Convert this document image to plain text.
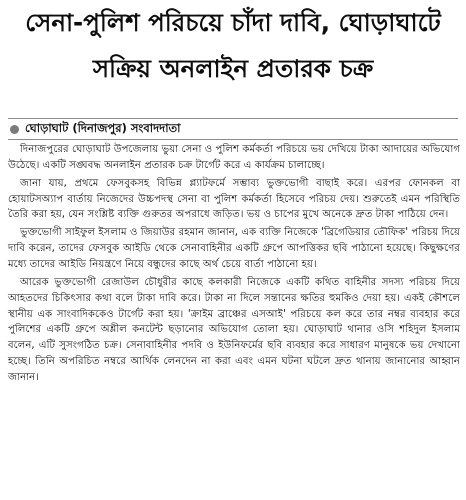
সেনা-পুলিশ পরিচয়ে চাঁদা দাবি, ঘোড়াঘাটে
সক্রিয় অনলাইন প্রতারক চক্র
ঘোড়াঘাট (দিনাজপুর) সংবাদদাতা

দিনাজপুরের ঘোড়াঘাট উপজেলায় ভুয়া সেনা ও পুলিশ কর্মকর্তা পরিচয়ে ভয় দেখিয়ে টাকা আদায়ের অভিযোগ উঠেছে। একটি সঙ্ঘবদ্ধ অনলাইন প্রতারক চক্র টার্গেট করে এ কার্যক্রম চালাচ্ছে।

জানা যায়, প্রথমে ফেসবুকসহ বিভিন্ন প্ল্যাটফর্মে সম্ভাব্য ভুক্তভোগী বাছাই করে। এরপর ফোনকল বা হোয়াটসঅ্যাপ বার্তায় নিজেদের উচ্চপদস্থ সেনা বা পুলিশ কর্মকর্তা হিসেবে পরিচয় দেয়। শুরুতেই এমন পরিস্থিতি তৈরি করা হয়, যেন সংশ্লিষ্ট ব্যক্তি গুরুতর অপরাধে জড়িত। ভয় ও চাপের মুখে অনেকে দ্রুত টাকা পাঠিয়ে দেন।

ভুক্তভোগী সাইফুল ইসলাম ও জিয়াউর রহমান জানান, এক ব্যক্তি নিজেকে 'ব্রিগেডিয়ার তৌফিক' পরিচয় দিয়ে দাবি করেন, তাদের ফেসবুক আইডি থেকে সেনাবাহিনীর একটি গ্রুপে আপত্তিকর ছবি পাঠানো হয়েছে। কিছুক্ষণের মধ্যে তাদের আইডি নিয়ন্ত্রণে নিয়ে বন্ধুদের কাছে অর্থ চেয়ে বার্তা পাঠানো হয়।

আরেক ভুক্তভোগী রেজাউল চৌধুরীর কাছে কলকারী নিজেকে একটি কথিত বাহিনীর সদস্য পরিচয় দিয়ে আহতদের চিকিৎসার কথা বলে টাকা দাবি করে। টাকা না দিলে সন্তানের ক্ষতির হুমকিও দেয়া হয়। একই কৌশলে স্থানীয় এক সাংবাদিককেও টার্গেট করা হয়। 'ক্রাইম ব্রাঞ্চের এসআই' পরিচয়ে কল করে তার নম্বর ব্যবহার করে পুলিশের একটি গ্রুপে অশ্লীল কনটেন্ট ছড়ানোর অভিযোগ তোলা হয়। ঘোড়াঘাট থানার ওসি শহিদুল ইসলাম বলেন, এটি সুসংগঠিত চক্র। সেনাবাহিনীর পদবি ও ইউনিফর্মের ছবি ব্যবহার করে সাধারণ মানুষকে ভয় দেখানো হচ্ছে। তিনি অপরিচিত নম্বরে আর্থিক লেনদেন না করা এবং এমন ঘটনা ঘটলে দ্রুত থানায় জানানোর আহ্বান জানান।
